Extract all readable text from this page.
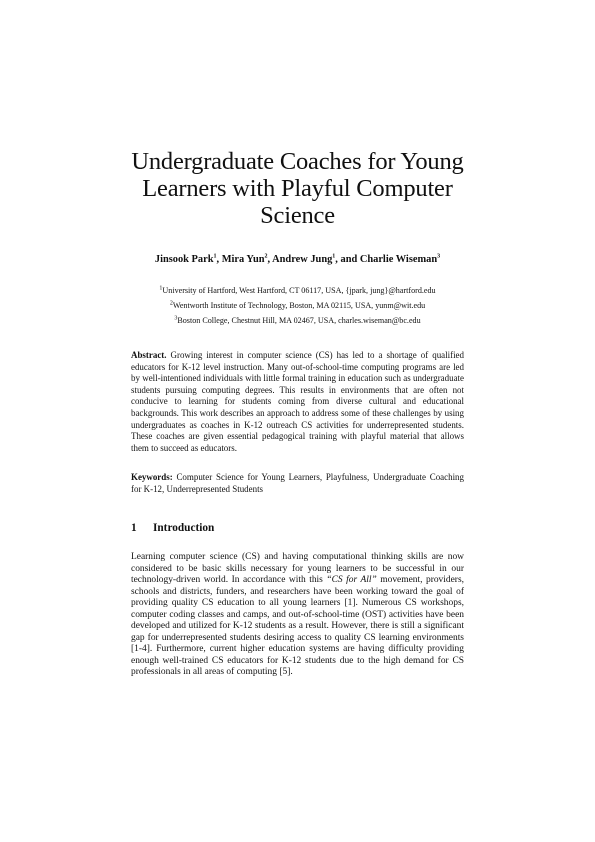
Undergraduate Coaches for Young
Learners with Playful Computer
Science
Jinsook Park$^1$, Mira Yun$^2$, Andrew Jung$^1$, and Charlie Wiseman$^3$
$^1$University of Hartford, West Hartford, CT 06117, USA, {jpark, jung}@hartford.edu
$^2$Wentworth Institute of Technology, Boston, MA 02115, USA, yunm@wit.edu
$^3$Boston College, Chestnut Hill, MA 02467, USA, charles.wiseman@bc.edu
Abstract. Growing interest in computer science (CS) has led to a shortage of qualified educators for K-12 level instruction. Many out-of-school-time computing programs are led by well-intentioned individuals with little formal training in education such as undergraduate students pursuing computing degrees. This results in environments that are often not conducive to learning for students coming from diverse cultural and educational backgrounds. This work describes an approach to address some of these challenges by using undergraduates as coaches in K-12 outreach CS activities for underrepresented students. These coaches are given essential pedagogical training with playful material that allows them to succeed as educators.
Keywords: Computer Science for Young Learners, Playfulness, Undergraduate Coaching for K-12, Underrepresented Students
1 Introduction
Learning computer science (CS) and having computational thinking skills are now considered to be basic skills necessary for young learners to be successful in our technology-driven world. In accordance with this “CS for All” movement, providers, schools and districts, funders, and researchers have been working toward the goal of providing quality CS education to all young learners [1]. Numerous CS workshops, computer coding classes and camps, and out-of-school-time (OST) activities have been developed and utilized for K-12 students as a result. However, there is still a significant gap for underrepresented students desiring access to quality CS learning environments [1-4]. Furthermore, current higher education systems are having difficulty providing enough well-trained CS educators for K-12 students due to the high demand for CS professionals in all areas of computing [5].
